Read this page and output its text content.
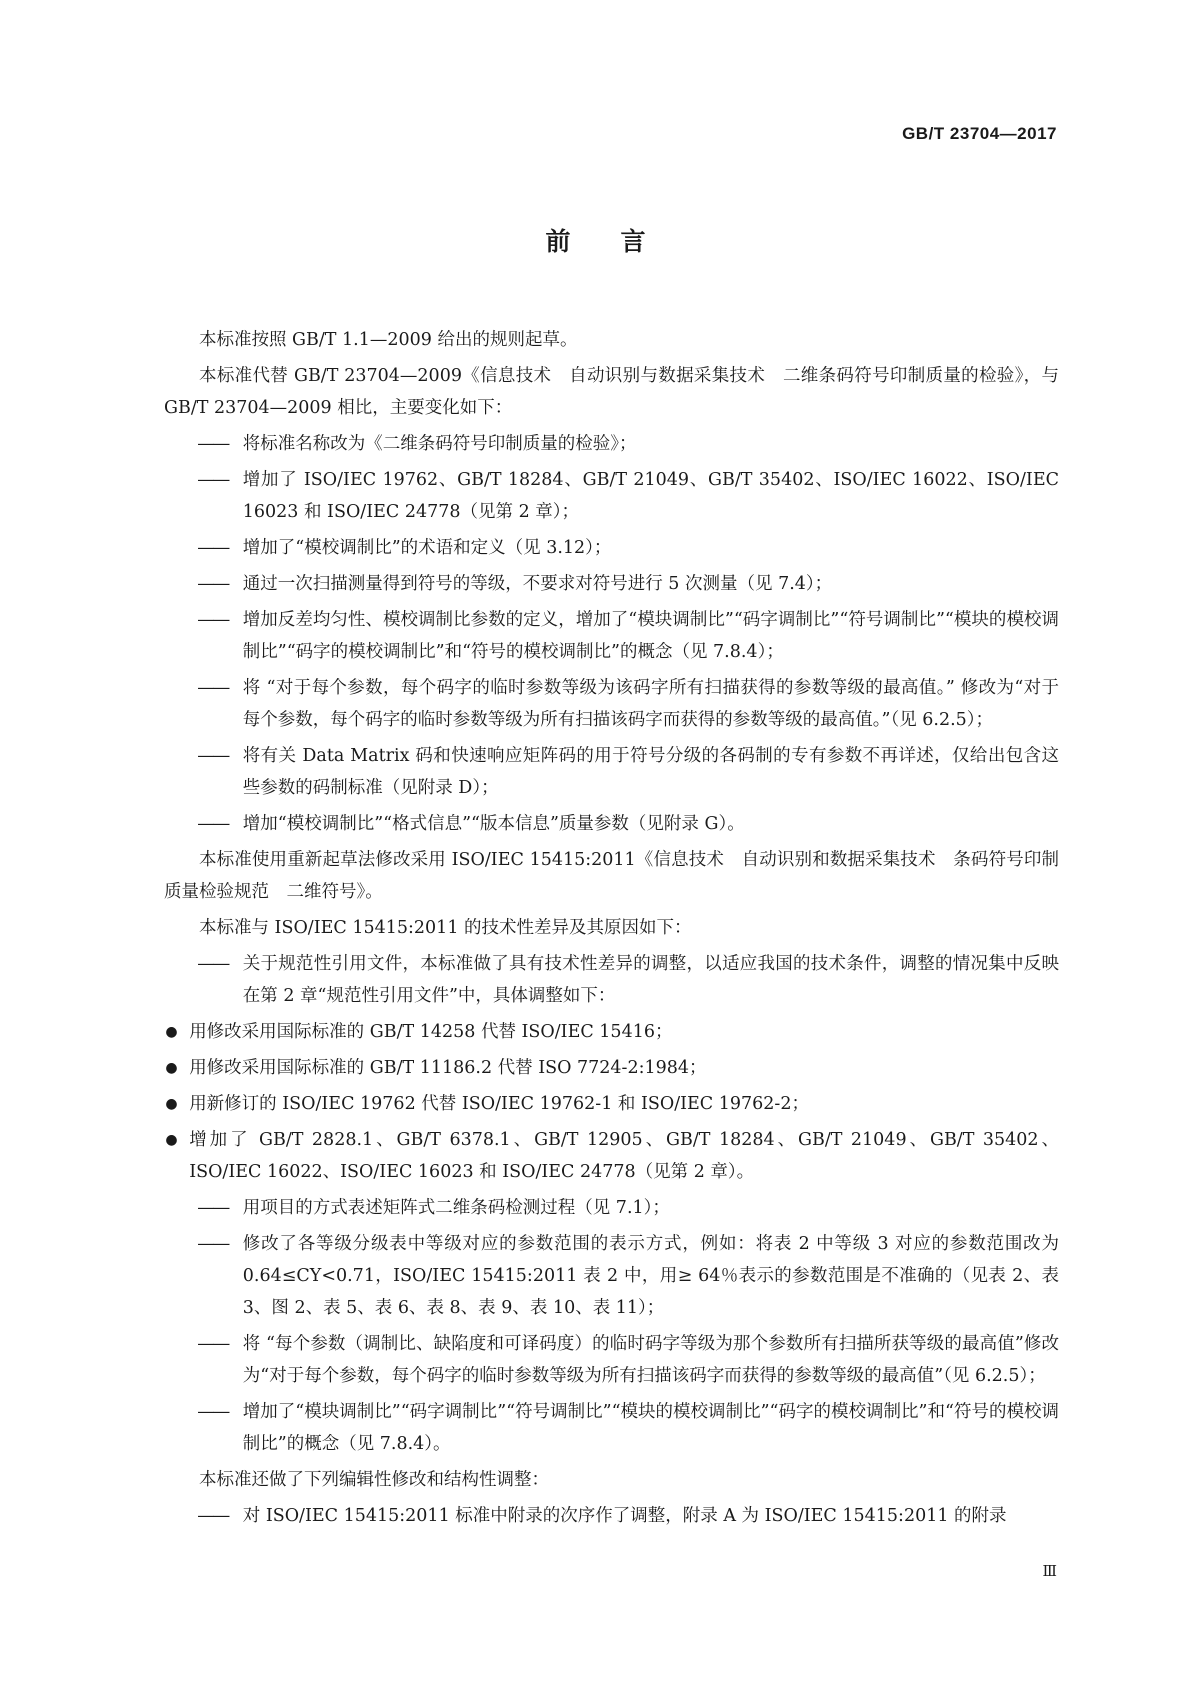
GB/T 23704—2017
前言

本标准按照 GB/T 1.1—2009 给出的规则起草。

本标准代替 GB/T 23704—2009《信息技术　自动识别与数据采集技术　二维条码符号印制质量的检验》，与 GB/T 23704—2009 相比，主要变化如下：

—— 将标准名称改为《二维条码符号印制质量的检验》；
—— 增加了 ISO/IEC 19762、GB/T 18284、GB/T 21049、GB/T 35402、ISO/IEC 16022、ISO/IEC 16023 和 ISO/IEC 24778（见第 2 章）；
—— 增加了“模校调制比”的术语和定义（见 3.12）；
—— 通过一次扫描测量得到符号的等级，不要求对符号进行 5 次测量（见 7.4）；
—— 增加反差均匀性、模校调制比参数的定义，增加了“模块调制比”“码字调制比”“符号调制比”“模块的模校调制比”“码字的模校调制比”和“符号的模校调制比”的概念（见 7.8.4）；
—— 将 “对于每个参数，每个码字的临时参数等级为该码字所有扫描获得的参数等级的最高值。” 修改为“对于每个参数，每个码字的临时参数等级为所有扫描该码字而获得的参数等级的最高值。”（见 6.2.5）；
—— 将有关 Data Matrix 码和快速响应矩阵码的用于符号分级的各码制的专有参数不再详述，仅给出包含这些参数的码制标准（见附录 D）；
—— 增加“模校调制比”“格式信息”“版本信息”质量参数（见附录 G）。

本标准使用重新起草法修改采用 ISO/IEC 15415:2011《信息技术　自动识别和数据采集技术　条码符号印制质量检验规范　二维符号》。

本标准与 ISO/IEC 15415:2011 的技术性差异及其原因如下：

—— 关于规范性引用文件，本标准做了具有技术性差异的调整，以适应我国的技术条件，调整的情况集中反映在第 2 章“规范性引用文件”中，具体调整如下：
● 用修改采用国际标准的 GB/T 14258 代替 ISO/IEC 15416；
● 用修改采用国际标准的 GB/T 11186.2 代替 ISO 7724-2:1984；
● 用新修订的 ISO/IEC 19762 代替 ISO/IEC 19762-1 和 ISO/IEC 19762-2；
● 增加了 GB/T 2828.1、GB/T 6378.1、GB/T 12905、GB/T 18284、GB/T 21049、GB/T 35402、ISO/IEC 16022、ISO/IEC 16023 和 ISO/IEC 24778（见第 2 章）。
—— 用项目的方式表述矩阵式二维条码检测过程（见 7.1）；
—— 修改了各等级分级表中等级对应的参数范围的表示方式，例如：将表 2 中等级 3 对应的参数范围改为 0.64≤CY<0.71，ISO/IEC 15415:2011 表 2 中，用≥ 64％表示的参数范围是不准确的（见表 2、表 3、图 2、表 5、表 6、表 8、表 9、表 10、表 11）；
—— 将 “每个参数（调制比、缺陷度和可译码度）的临时码字等级为那个参数所有扫描所获等级的最高值”修改为“对于每个参数，每个码字的临时参数等级为所有扫描该码字而获得的参数等级的最高值”（见 6.2.5）；
—— 增加了“模块调制比”“码字调制比”“符号调制比”“模块的模校调制比”“码字的模校调制比”和“符号的模校调制比”的概念（见 7.8.4）。

本标准还做了下列编辑性修改和结构性调整：

—— 对 ISO/IEC 15415:2011 标准中附录的次序作了调整，附录 A 为 ISO/IEC 15415:2011 的附录
Ⅲ
